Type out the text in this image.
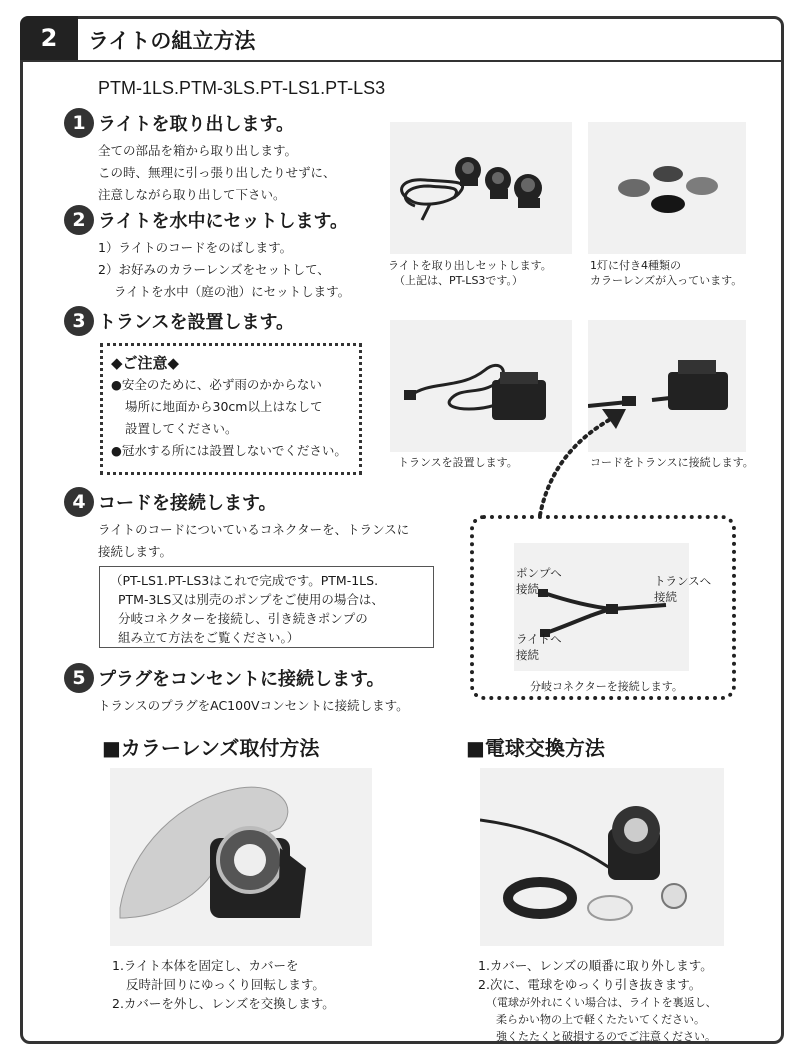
2	ライトの組立方法
PTM-1LS.PTM-3LS.PT-LS1.PT-LS3
1 ライトを取り出します。
全ての部品を箱から取り出します。
この時、無理に引っ張り出したりせずに、
注意しながら取り出して下さい。
2 ライトを水中にセットします。
1）ライトのコードをのばします。
2）お好みのカラーレンズをセットして、
ライトを水中（庭の池）にセットします。
3 トランスを設置します。
◆ご注意◆
●安全のために、必ず雨のかからない
場所に地面から30cm以上はなして
設置してください。
●冠水する所には設置しないでください。
4 コードを接続します。
ライトのコードについているコネクターを、トランスに
接続します。
（PT-LS1.PT-LS3はこれで完成です。PTM-1LS.
PTM-3LS又は別売のポンプをご使用の場合は、
分岐コネクターを接続し、引き続きポンプの
組み立て方法をご覧ください。）
5 プラグをコンセントに接続します。
トランスのプラグをAC100Vコンセントに接続します。
ライトを取り出しセットします。
（上記は、PT-LS3です。）
1灯に付き4種類の
カラーレンズが入っています。
トランスを設置します。	コードをトランスに接続します。
ポンプへ
接続
トランスへ
接続
ライトへ
接続
分岐コネクターを接続します。
■カラーレンズ取付方法
1.ライト本体を固定し、カバーを
反時計回りにゆっくり回転します。
2.カバーを外し、レンズを交換します。
■電球交換方法
1.カバー、レンズの順番に取り外します。
2.次に、電球をゆっくり引き抜きます。
（電球が外れにくい場合は、ライトを裏返し、
柔らかい物の上で軽くたたいてください。
強くたたくと破損するのでご注意ください。
